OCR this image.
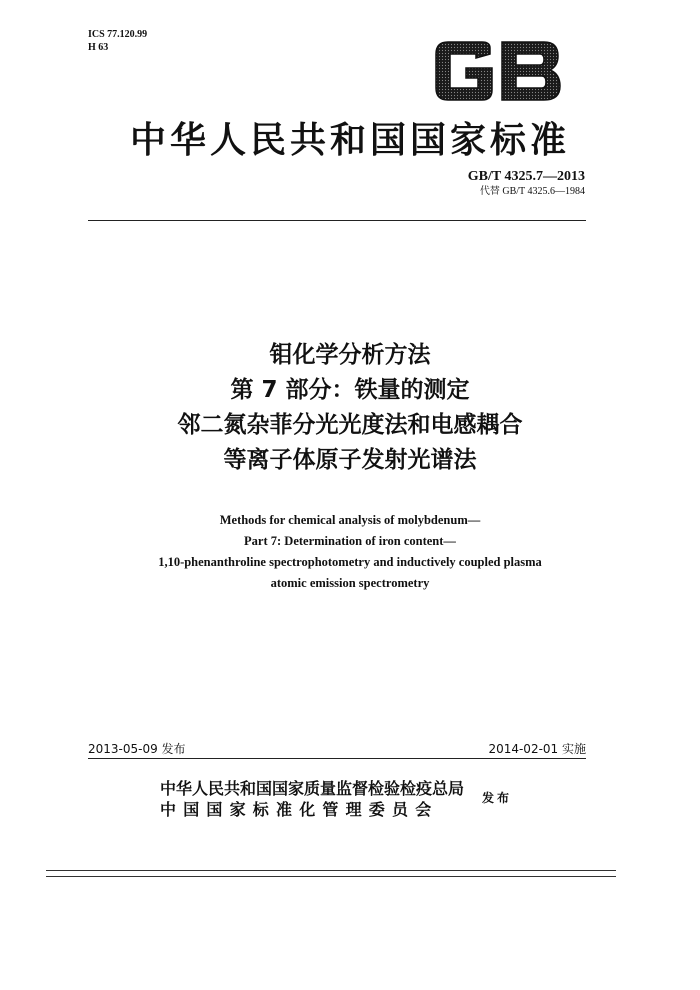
ICS 77.120.99
H 63
中华人民共和国国家标准
GB/T 4325.7—2013
代替 GB/T 4325.6—1984
钼化学分析方法
第 7 部分：铁量的测定
邻二氮杂菲分光光度法和电感耦合
等离子体原子发射光谱法
Methods for chemical analysis of molybdenum—
Part 7: Determination of iron content—
1,10-phenanthroline spectrophotometry and inductively coupled plasma
atomic emission spectrometry
2013-05-09 发布	2014-02-01 实施
中华人民共和国国家质量监督检验检疫总局
中国国家标准化管理委员会
发布
